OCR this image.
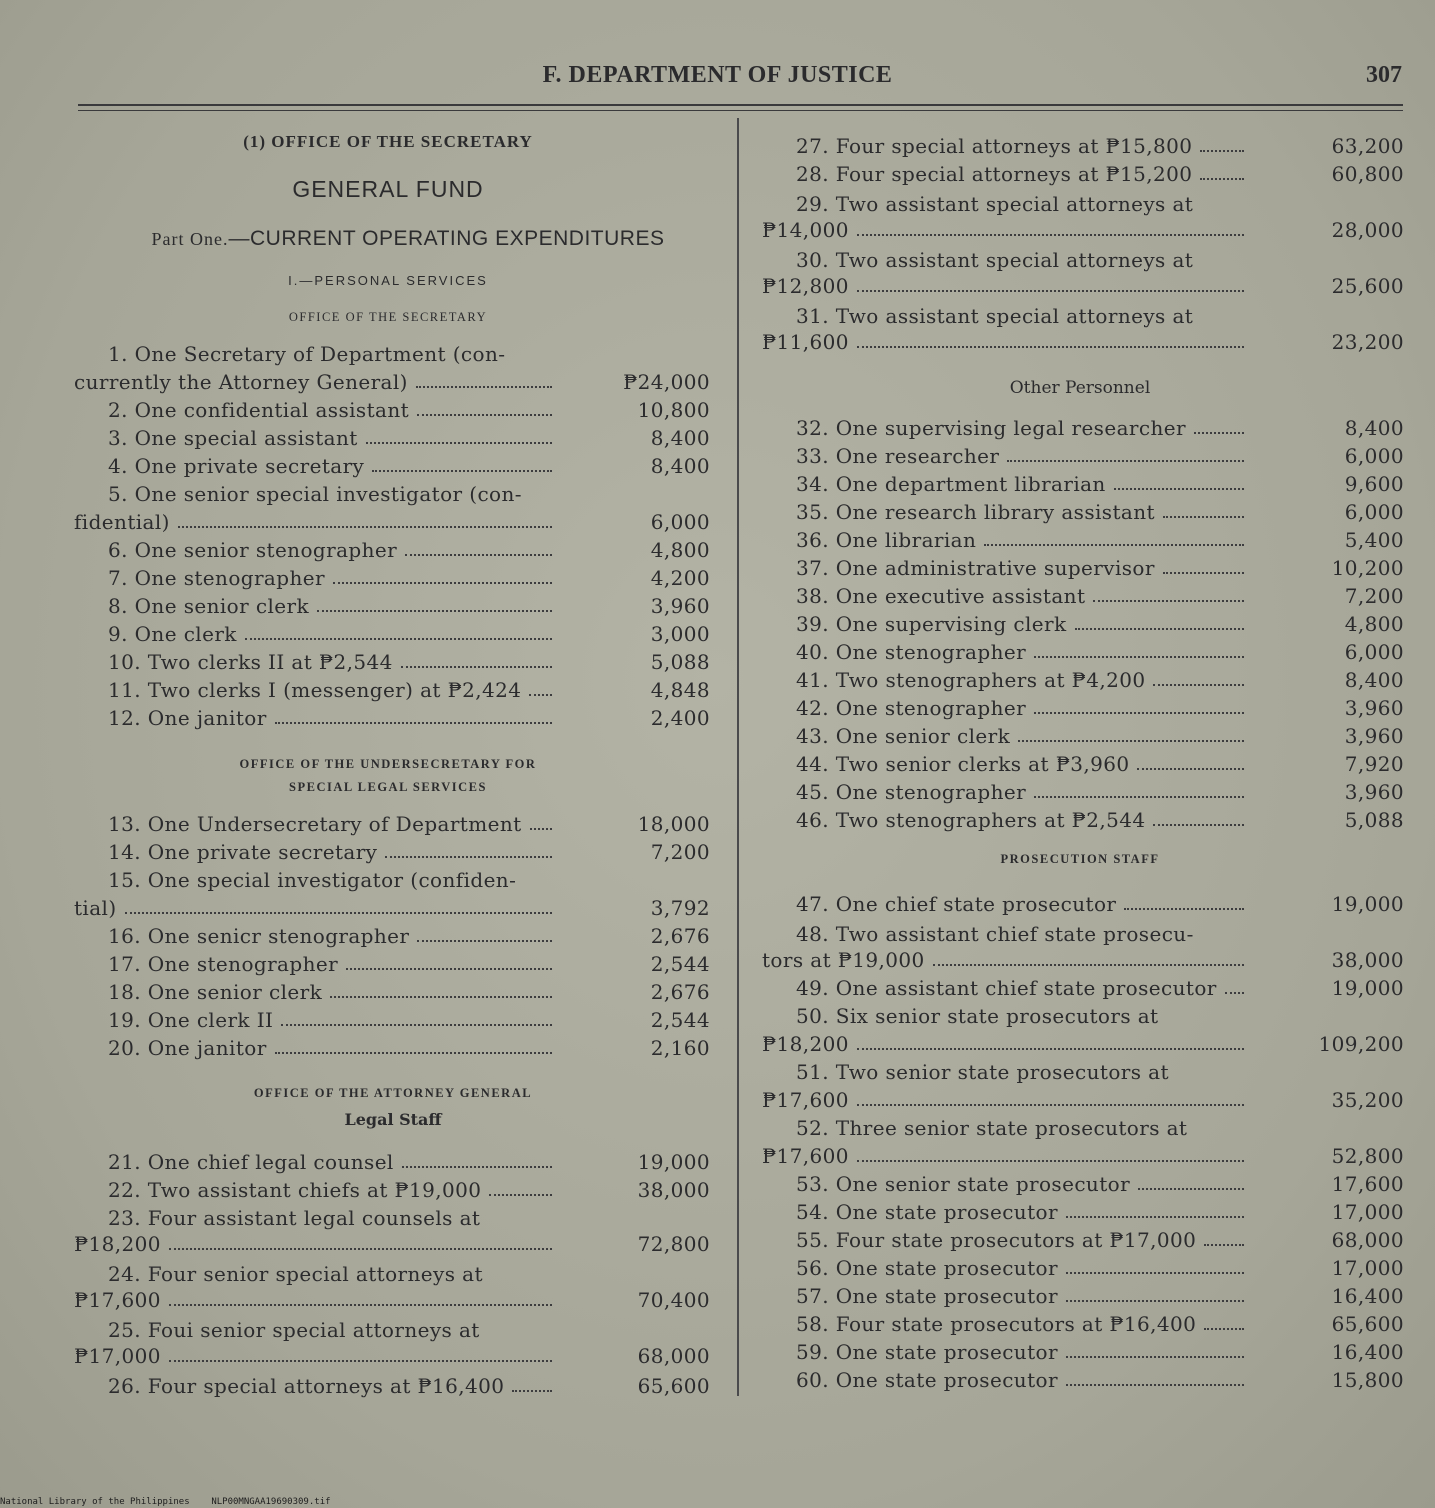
F. DEPARTMENT OF JUSTICE	307
(1) OFFICE OF THE SECRETARY
GENERAL FUND
Part One.—CURRENT OPERATING EXPENDITURES
I.—PERSONAL SERVICES
OFFICE OF THE SECRETARY
OFFICE OF THE UNDERSECRETARY FOR
SPECIAL LEGAL SERVICES
OFFICE OF THE ATTORNEY GENERAL
Legal Staff
Other Personnel
PROSECUTION STAFF
1. One Secretary of Department (con-
currently the Attorney General)	₱24,000
2. One confidential assistant	10,800
3. One special assistant	8,400
4. One private secretary	8,400
5. One senior special investigator (con-
fidential)	6,000
6. One senior stenographer	4,800
7. One stenographer	4,200
8. One senior clerk	3,960
9. One clerk	3,000
10. Two clerks II at ₱2,544	5,088
11. Two clerks I (messenger) at ₱2,424	4,848
12. One janitor	2,400
13. One Undersecretary of Department	18,000
14. One private secretary	7,200
15. One special investigator (confiden-
tial)	3,792
16. One senicr stenographer	2,676
17. One stenographer	2,544
18. One senior clerk	2,676
19. One clerk II	2,544
20. One janitor	2,160
21. One chief legal counsel	19,000
22. Two assistant chiefs at ₱19,000	38,000
23. Four assistant legal counsels at
₱18,200	72,800
24. Four senior special attorneys at
₱17,600	70,400
25. Foui senior special attorneys at
₱17,000	68,000
26. Four spe⁠cial attorneys at ₱16,400	65,600
27. Four special attorneys at ₱15,800	63,200
28. Four special attorneys at ₱15,200	60,800
29. Two assistant special attorneys at
₱14,000	28,000
30. Two assistant special attorneys at
₱12,800	25,600
31. Two assistant special attorneys at
₱11,600	23,200
32. One supervising legal researcher	8,400
33. One researcher	6,000
34. One department librarian	9,600
35. One research library assistant	6,000
36. One librarian	5,400
37. One administrative supervisor	10,200
38. One executive assistant	7,200
39. One supervising clerk	4,800
40. One stenographer	6,000
41. Two stenographers at ₱4,200	8,400
42. One stenographer	3,960
43. One senior clerk	3,960
44. Two senior clerks at ₱3,960	7,920
45. One stenographer	3,960
46. Two stenographers at ₱2,544	5,088
47. One chief state prosecutor	19,000
48. Two assistant chief state prosecu-
tors at ₱19,000	38,000
49. One assistant chief state prosecutor	19,000
50. Six senior state prosecutors at
₱18,200	109,200
51. Two senior state prosecutors at
₱17,600	35,200
52. Three senior state prosecutors at
₱17,600	52,800
53. One senior state prosecutor	17,600
54. One state prosecutor	17,000
55. Four state prosecutors at ₱17,000	68,000
56. One state prosecutor	17,000
57. One state prosecutor	16,400
58. Four state prosecutors at ₱16,400	65,600
59. One state prosecutor	16,400
60. One state prosecutor	15,800
National Library of the Philippines    NLP00MNGAA19690309.tif
